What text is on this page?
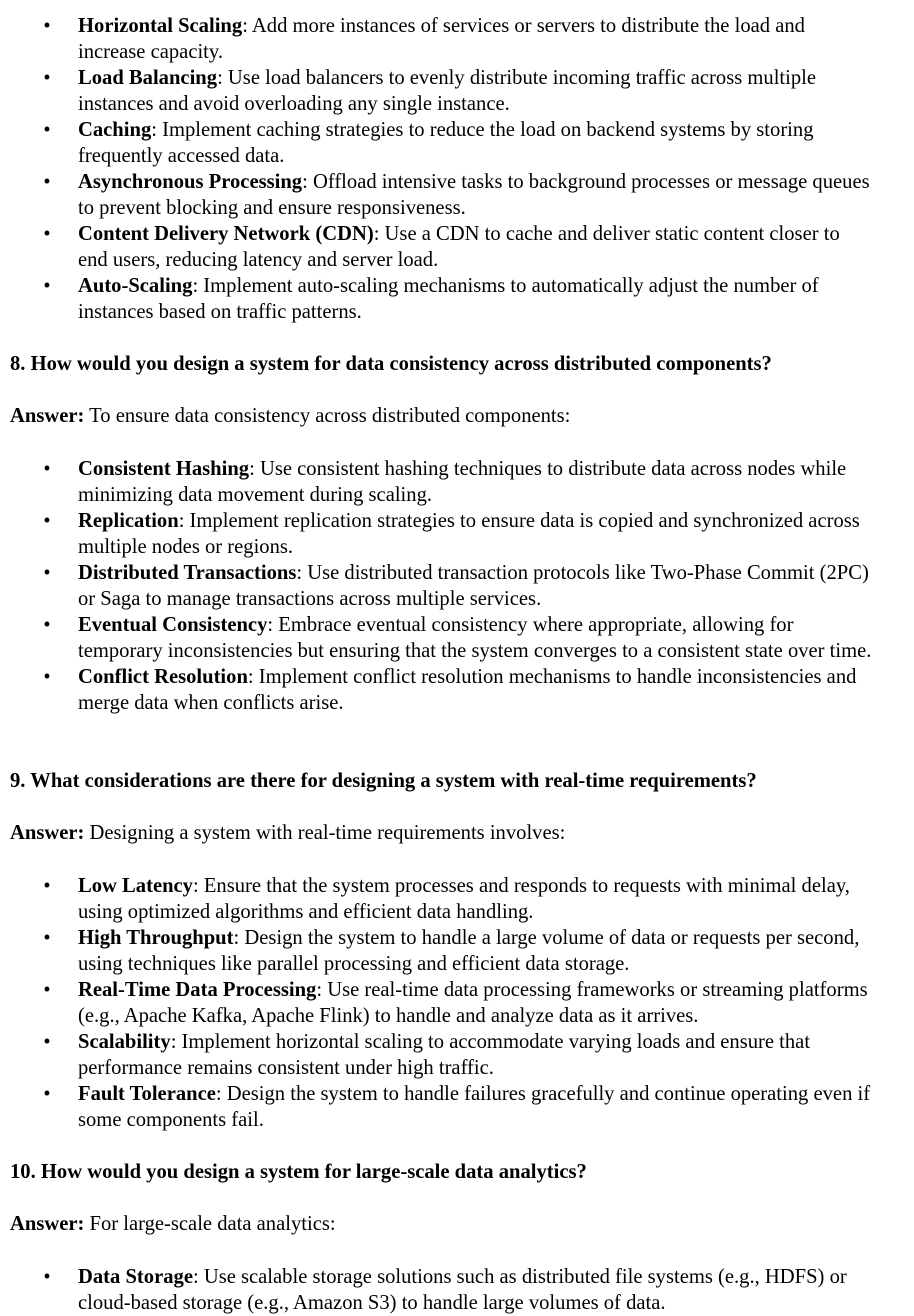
• Horizontal Scaling: Add more instances of services or servers to distribute the load and increase capacity.
• Load Balancing: Use load balancers to evenly distribute incoming traffic across multiple instances and avoid overloading any single instance.
• Caching: Implement caching strategies to reduce the load on backend systems by storing frequently accessed data.
• Asynchronous Processing: Offload intensive tasks to background processes or message queues to prevent blocking and ensure responsiveness.
• Content Delivery Network (CDN): Use a CDN to cache and deliver static content closer to end users, reducing latency and server load.
• Auto-Scaling: Implement auto-scaling mechanisms to automatically adjust the number of instances based on traffic patterns.
8. How would you design a system for data consistency across distributed components?
Answer: To ensure data consistency across distributed components:
• Consistent Hashing: Use consistent hashing techniques to distribute data across nodes while minimizing data movement during scaling.
• Replication: Implement replication strategies to ensure data is copied and synchronized across multiple nodes or regions.
• Distributed Transactions: Use distributed transaction protocols like Two-Phase Commit (2PC) or Saga to manage transactions across multiple services.
• Eventual Consistency: Embrace eventual consistency where appropriate, allowing for temporary inconsistencies but ensuring that the system converges to a consistent state over time.
• Conflict Resolution: Implement conflict resolution mechanisms to handle inconsistencies and merge data when conflicts arise.
9. What considerations are there for designing a system with real-time requirements?
Answer: Designing a system with real-time requirements involves:
• Low Latency: Ensure that the system processes and responds to requests with minimal delay, using optimized algorithms and efficient data handling.
• High Throughput: Design the system to handle a large volume of data or requests per second, using techniques like parallel processing and efficient data storage.
• Real-Time Data Processing: Use real-time data processing frameworks or streaming platforms (e.g., Apache Kafka, Apache Flink) to handle and analyze data as it arrives.
• Scalability: Implement horizontal scaling to accommodate varying loads and ensure that performance remains consistent under high traffic.
• Fault Tolerance: Design the system to handle failures gracefully and continue operating even if some components fail.
10. How would you design a system for large-scale data analytics?
Answer: For large-scale data analytics:
• Data Storage: Use scalable storage solutions such as distributed file systems (e.g., HDFS) or cloud-based storage (e.g., Amazon S3) to handle large volumes of data.
